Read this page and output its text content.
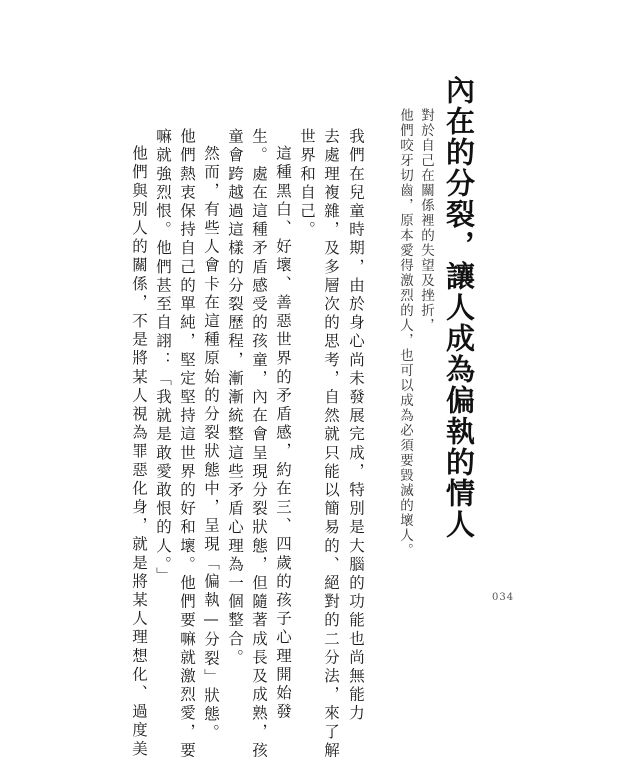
內在的分裂，讓人成為偏執的情人

對於自己在關係裡的失望及挫折，

他們咬牙切齒，原本愛得激烈的人，也可以成為必須要毀滅的壞人。

我們在兒童時期，由於身心尚未發展完成，特別是大腦的功能也尚無能力

去處理複雜，及多層次的思考，自然就只能以簡易的、絕對的二分法，來了解

世界和自己。

這種黑白、好壞、善惡世界的矛盾感，約在三、四歲的孩子心理開始發

生。處在這種矛盾感受的孩童，內在會呈現分裂狀態，但隨著成長及成熟，孩

童會跨越過這樣的分裂歷程，漸漸統整這些矛盾心理為一個整合。

然而，有些人會卡在這種原始的分裂狀態中，呈現「偏執—分裂」狀態。

他們熱衷保持自己的單純，堅定堅持這世界的好和壞。他們要嘛就激烈愛，要

嘛就強烈恨。他們甚至自詡：「我就是敢愛敢恨的人。」

他們與別人的關係，不是將某人視為罪惡化身，就是將某人理想化、過度美	034
